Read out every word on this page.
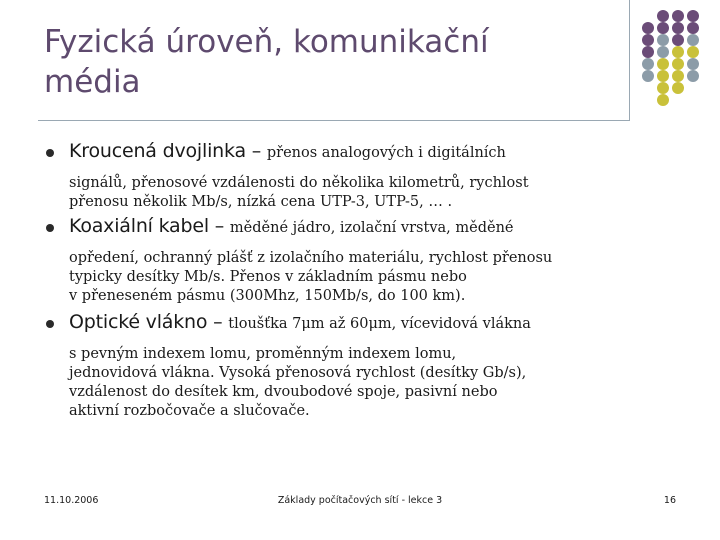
Fyzická úroveň, komunikační
média
Kroucená dvojlinka – přenos analogových i digitálních
signálů, přenosové vzdálenosti do několika kilometrů, rychlost
přenosu několik Mb/s, nízká cena UTP-3, UTP-5, … .
Koaxiální kabel – měděné jádro, izolační vrstva, měděné
opředení, ochranný plášť z izolačního materiálu, rychlost přenosu
typicky desítky Mb/s. Přenos v základním pásmu nebo
v přeneseném pásmu (300Mhz, 150Mb/s, do 100 km).
Optické vlákno – tloušťka 7μm až 60μm, vícevidová vlákna
s pevným indexem lomu, proměnným indexem lomu,
jednovidová vlákna. Vysoká přenosová rychlost (desítky Gb/s),
vzdálenost do desítek km, dvoubodové spoje, pasivní nebo
aktivní rozbočovače a slučovače.
11.10.2006	Základy počítačových sítí - lekce 3	16
